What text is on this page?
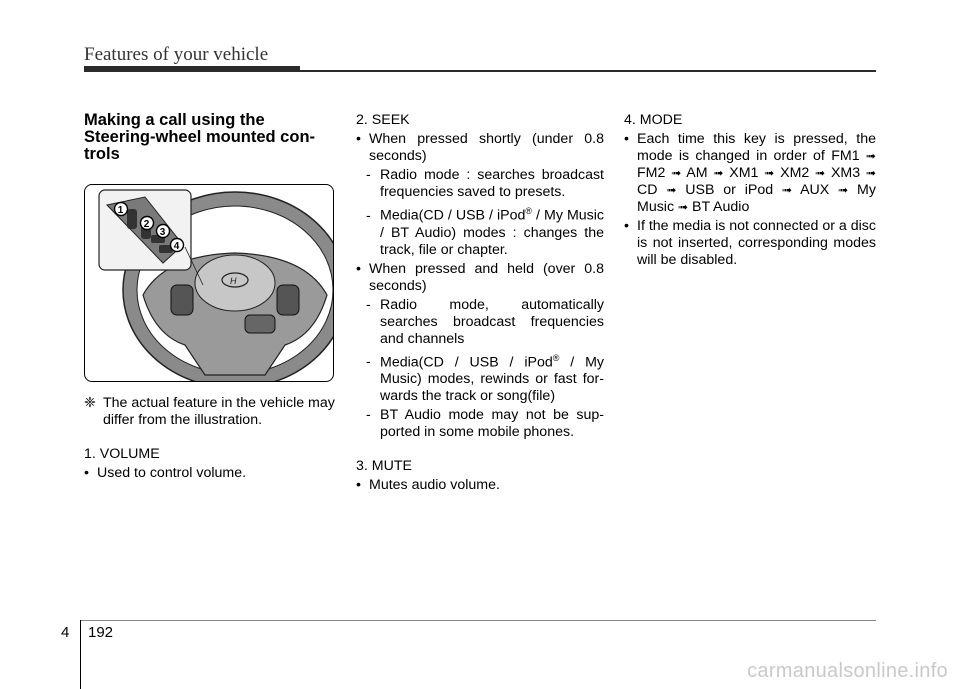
Features of your vehicle

Making a call using the
Steering-wheel mounted con-
trols

H
1
2
3
4

❈ The actual feature in the vehicle may differ from the illustration.

1. VOLUME

• Used to control volume.

2. SEEK

• When pressed shortly (under 0.8 seconds)

- Radio mode : searches broadcast frequencies saved to presets.

- Media(CD / USB / iPod® / My Music / BT Audio) modes : changes the track, file or chapter.

• When pressed and held (over 0.8 seconds)

- Radio mode, automatically searches broadcast frequencies and channels

- Media(CD / USB / iPod® / My Music) modes, rewinds or fast for-wards the track or song(file)

- BT Audio mode may not be sup-ported in some mobile phones.

3. MUTE

• Mutes audio volume.

4. MODE

• Each time this key is pressed, the mode is changed in order of FM1 ➟ FM2 ➟ AM ➟ XM1 ➟ XM2 ➟ XM3 ➟ CD ➟ USB or iPod ➟ AUX ➟ My Music ➟ BT Audio

• If the media is not connected or a disc is not inserted, corresponding modes will be disabled.

4 192
carmanualsonline.info
